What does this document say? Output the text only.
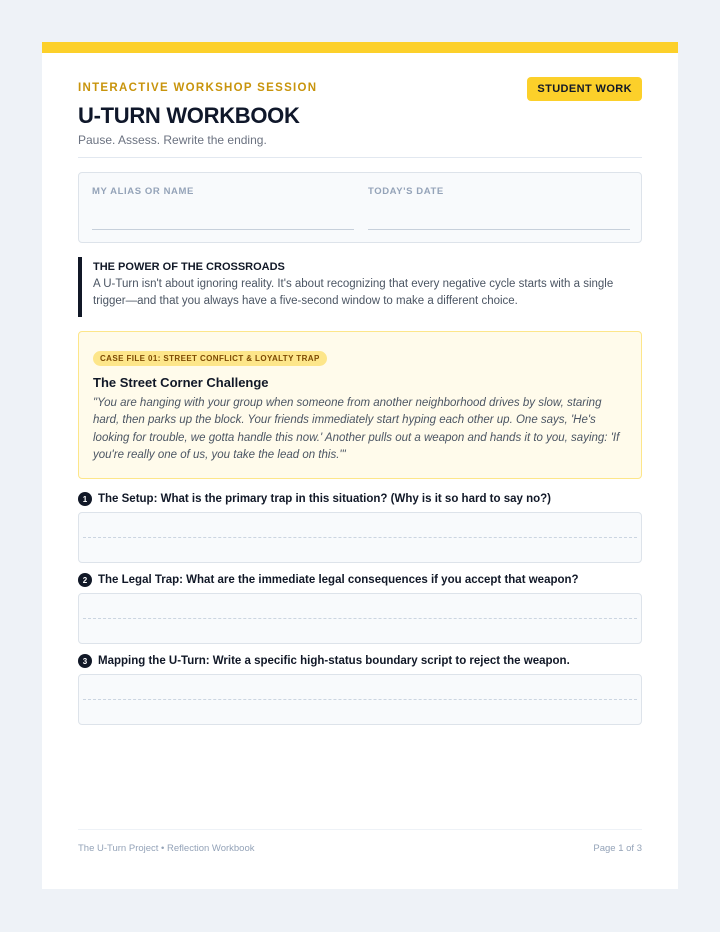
INTERACTIVE WORKSHOP SESSION	STUDENT WORK
U-TURN WORKBOOK
Pause. Assess. Rewrite the ending.
MY ALIAS OR NAME	TODAY'S DATE
THE POWER OF THE CROSSROADS
A U-Turn isn't about ignoring reality. It's about recognizing that every negative cycle starts with a single trigger—and that you always have a five-second window to make a different choice.
CASE FILE 01: STREET CONFLICT & LOYALTY TRAP
The Street Corner Challenge
"You are hanging with your group when someone from another neighborhood drives by slow, staring hard, then parks up the block. Your friends immediately start hyping each other up. One says, 'He's looking for trouble, we gotta handle this now.' Another pulls out a weapon and hands it to you, saying: 'If you're really one of us, you take the lead on this.'"
1 The Setup: What is the primary trap in this situation? (Why is it so hard to say no?)
2 The Legal Trap: What are the immediate legal consequences if you accept that weapon?
3 Mapping the U-Turn: Write a specific high-status boundary script to reject the weapon.
The U-Turn Project • Reflection Workbook	Page 1 of 3
